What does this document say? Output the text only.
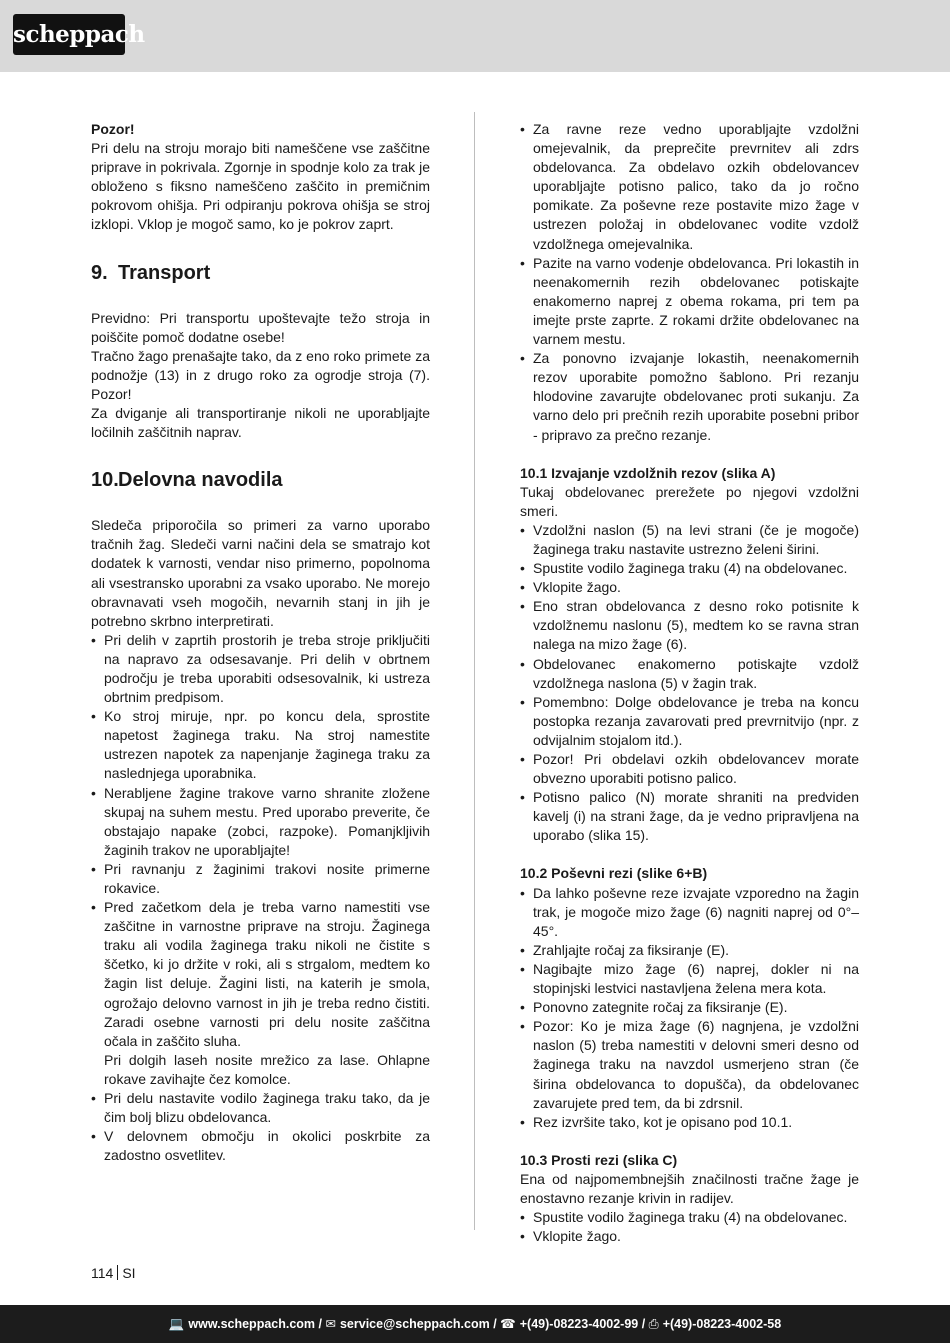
scheppach

Pozor!

Pri delu na stroju morajo biti nameščene vse zaščitne priprave in pokrivala. Zgornje in spodnje kolo za trak je obloženo s fiksno nameščeno zaščito in premičnim pokrovom ohišja. Pri odpiranju pokrova ohišja se stroj izklopi. Vklop je mogoč samo, ko je pokrov zaprt.

9. Transport

Previdno: Pri transportu upoštevajte težo stroja in poiščite pomoč dodatne osebe!

Tračno žago prenašajte tako, da z eno roko primete za podnožje (13) in z drugo roko za ogrodje stroja (7). Pozor!

Za dviganje ali transportiranje nikoli ne uporabljajte ločilnih zaščitnih naprav.

10. Delovna navodila

Sledeča priporočila so primeri za varno uporabo tračnih žag. Sledeči varni načini dela se smatrajo kot dodatek k varnosti, vendar niso primerno, popolnoma ali vsestransko uporabni za vsako uporabo. Ne morejo obravnavati vseh mogočih, nevarnih stanj in jih je potrebno skrbno interpretirati.

• Pri delih v zaprtih prostorih je treba stroje priključiti na napravo za odsesavanje. Pri delih v obrtnem področju je treba uporabiti odsesovalnik, ki ustreza obrtnim predpisom.
• Ko stroj miruje, npr. po koncu dela, sprostite napetost žaginega traku. Na stroj namestite ustrezen napotek za napenjanje žaginega traku za naslednjega uporabnika.
• Nerabljene žagine trakove varno shranite zložene skupaj na suhem mestu. Pred uporabo preverite, če obstajajo napake (zobci, razpoke). Pomanjkljivih žaginih trakov ne uporabljajte!
• Pri ravnanju z žaginimi trakovi nosite primerne rokavice.
• Pred začetkom dela je treba varno namestiti vse zaščitne in varnostne priprave na stroju. Žaginega traku ali vodila žaginega traku nikoli ne čistite s ščetko, ki jo držite v roki, ali s strgalom, medtem ko žagin list deluje. Žagini listi, na katerih je smola, ogrožajo delovno varnost in jih je treba redno čistiti. Zaradi osebne varnosti pri delu nosite zaščitna očala in zaščito sluha.

Pri dolgih laseh nosite mrežico za lase. Ohlapne rokave zavihajte čez komolce.

• Pri delu nastavite vodilo žaginega traku tako, da je čim bolj blizu obdelovanca.
• V delovnem območju in okolici poskrbite za zadostno osvetlitev.
• Za ravne reze vedno uporabljajte vzdolžni omejevalnik, da preprečite prevrnitev ali zdrs obdelovanca. Za obdelavo ozkih obdelovancev uporabljajte potisno palico, tako da jo ročno pomikate. Za poševne reze postavite mizo žage v ustrezen položaj in obdelovanec vodite vzdolž vzdolžnega omejevalnika.
• Pazite na varno vodenje obdelovanca. Pri lokastih in neenakomernih rezih obdelovanec potiskajte enakomerno naprej z obema rokama, pri tem pa imejte prste zaprte. Z rokami držite obdelovanec na varnem mestu.
• Za ponovno izvajanje lokastih, neenakomernih rezov uporabite pomožno šablono. Pri rezanju hlodovine zavarujte obdelovanec proti sukanju. Za varno delo pri prečnih rezih uporabite posebni pribor - pripravo za prečno rezanje.
10.1 Izvajanje vzdolžnih rezov (slika A)

Tukaj obdelovanec prerežete po njegovi vzdolžni smeri.

• Vzdolžni naslon (5) na levi strani (če je mogoče) žaginega traku nastavite ustrezno želeni širini.
• Spustite vodilo žaginega traku (4) na obdelovanec.
• Vklopite žago.
• Eno stran obdelovanca z desno roko potisnite k vzdolžnemu naslonu (5), medtem ko se ravna stran nalega na mizo žage (6).
• Obdelovanec enakomerno potiskajte vzdolž vzdolžnega naslona (5) v žagin trak.
• Pomembno: Dolge obdelovance je treba na koncu postopka rezanja zavarovati pred prevrnitvijo (npr. z odvijalnim stojalom itd.).
• Pozor! Pri obdelavi ozkih obdelovancev morate obvezno uporabiti potisno palico.
• Potisno palico (N) morate shraniti na predviden kavelj (i) na strani žage, da je vedno pripravljena na uporabo (slika 15).
10.2 Poševni rezi (slike 6+B)
• Da lahko poševne reze izvajate vzporedno na žagin trak, je mogoče mizo žage (6) nagniti naprej od 0°–45°.
• Zrahljajte ročaj za fiksiranje (E).
• Nagibajte mizo žage (6) naprej, dokler ni na stopinjski lestvici nastavljena želena mera kota.
• Ponovno zategnite ročaj za fiksiranje (E).
• Pozor: Ko je miza žage (6) nagnjena, je vzdolžni naslon (5) treba namestiti v delovni smeri desno od žaginega traku na navzdol usmerjeno stran (če širina obdelovanca to dopušča), da obdelovanec zavarujete pred tem, da bi zdrsnil.
• Rez izvršite tako, kot je opisano pod 10.1.
10.3 Prosti rezi (slika C)

Ena od najpomembnejših značilnosti tračne žage je enostavno rezanje krivin in radijev.

• Spustite vodilo žaginega traku (4) na obdelovanec.
• Vklopite žago.
114 SI
💻 www.scheppach.com / ✉ service@scheppach.com / ☎ +(49)-08223-4002-99 / ⎙ +(49)-08223-4002-58
